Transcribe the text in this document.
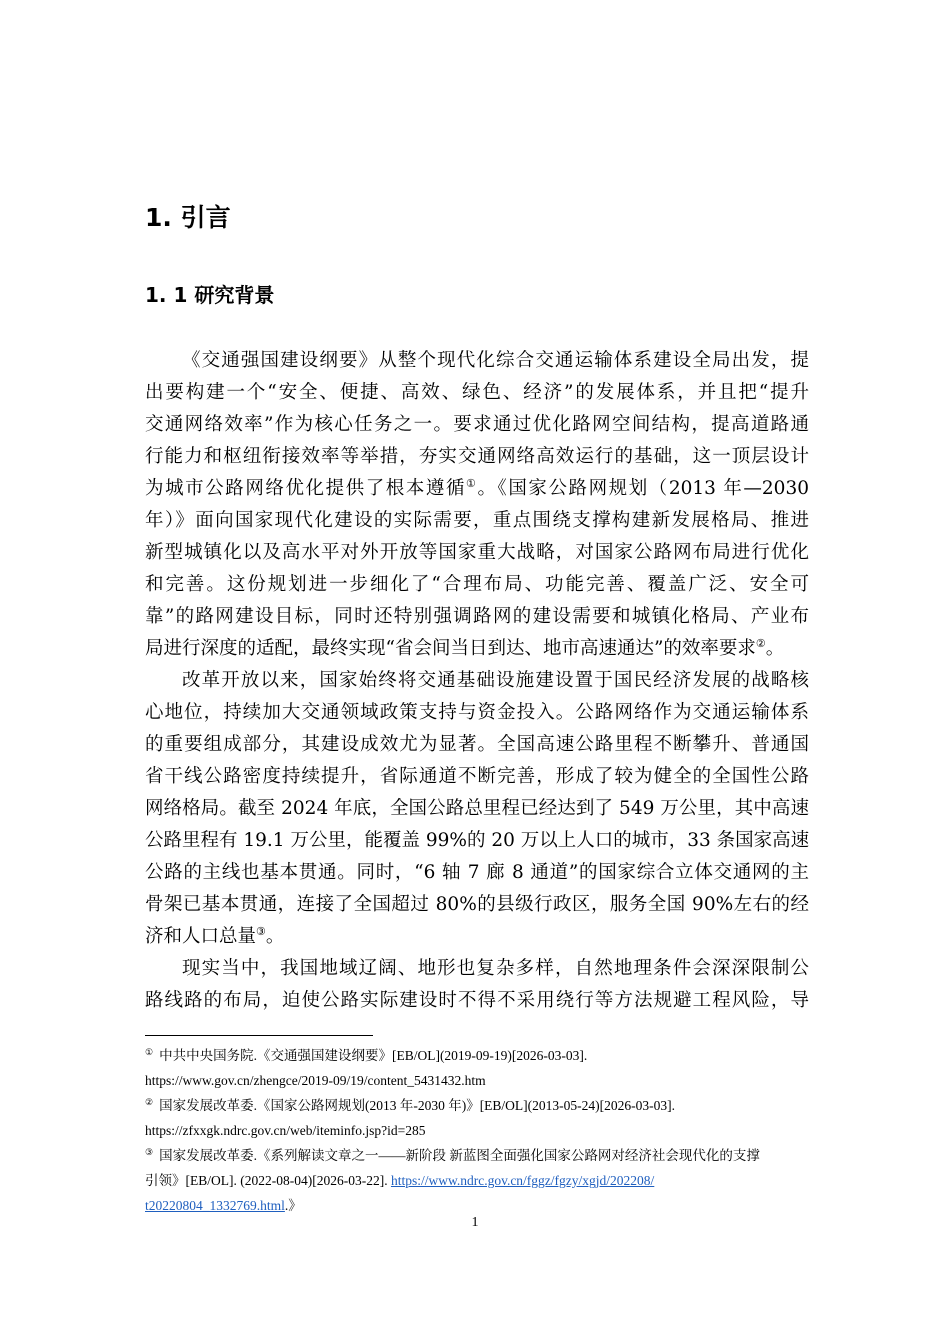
1. 引言
1. 1 研究背景
《交通强国建设纲要》从整个现代化综合交通运输体系建设全局出发，提
出要构建一个“安全、便捷、高效、绿色、经济”的发展体系，并且把“提升
交通网络效率”作为核心任务之一。要求通过优化路网空间结构，提高道路通
行能力和枢纽衔接效率等举措，夯实交通网络高效运行的基础，这一顶层设计
为城市公路网络优化提供了根本遵循①。《国家公路网规划（2013 年—2030
年）》面向国家现代化建设的实际需要，重点围绕支撑构建新发展格局、推进
新型城镇化以及高水平对外开放等国家重大战略，对国家公路网布局进行优化
和完善。这份规划进一步细化了“合理布局、功能完善、覆盖广泛、安全可
靠”的路网建设目标，同时还特别强调路网的建设需要和城镇化格局、产业布
局进行深度的适配，最终实现“省会间当日到达、地市高速通达”的效率要求②。
改革开放以来，国家始终将交通基础设施建设置于国民经济发展的战略核
心地位，持续加大交通领域政策支持与资金投入。公路网络作为交通运输体系
的重要组成部分，其建设成效尤为显著。全国高速公路里程不断攀升、普通国
省干线公路密度持续提升，省际通道不断完善，形成了较为健全的全国性公路
网络格局。截至 2024 年底，全国公路总里程已经达到了 549 万公里，其中高速
公路里程有 19.1 万公里，能覆盖 99%的 20 万以上人口的城市，33 条国家高速
公路的主线也基本贯通。同时，“6 轴 7 廊 8 通道”的国家综合立体交通网的主
骨架已基本贯通，连接了全国超过 80%的县级行政区，服务全国 90%左右的经
济和人口总量③。
现实当中，我国地域辽阔、地形也复杂多样，自然地理条件会深深限制公
路线路的布局，迫使公路实际建设时不得不采用绕行等方法规避工程风险，导
① 中共中央国务院.《交通强国建设纲要》[EB/OL](2019-09-19)[2026-03-03].
https://www.gov.cn/zhengce/2019-09/19/content_5431432.htm
② 国家发展改革委.《国家公路网规划(2013 年-2030 年)》[EB/OL](2013-05-24)[2026-03-03].
https://zfxxgk.ndrc.gov.cn/web/iteminfo.jsp?id=285
③ 国家发展改革委.《系列解读文章之一——新阶段 新蓝图全面强化国家公路网对经济社会现代化的支撑
引领》[EB/OL]. (2022-08-04)[2026-03-22]. https://www.ndrc.gov.cn/fggz/fgzy/xgjd/202208/
t20220804_1332769.html.》
1
